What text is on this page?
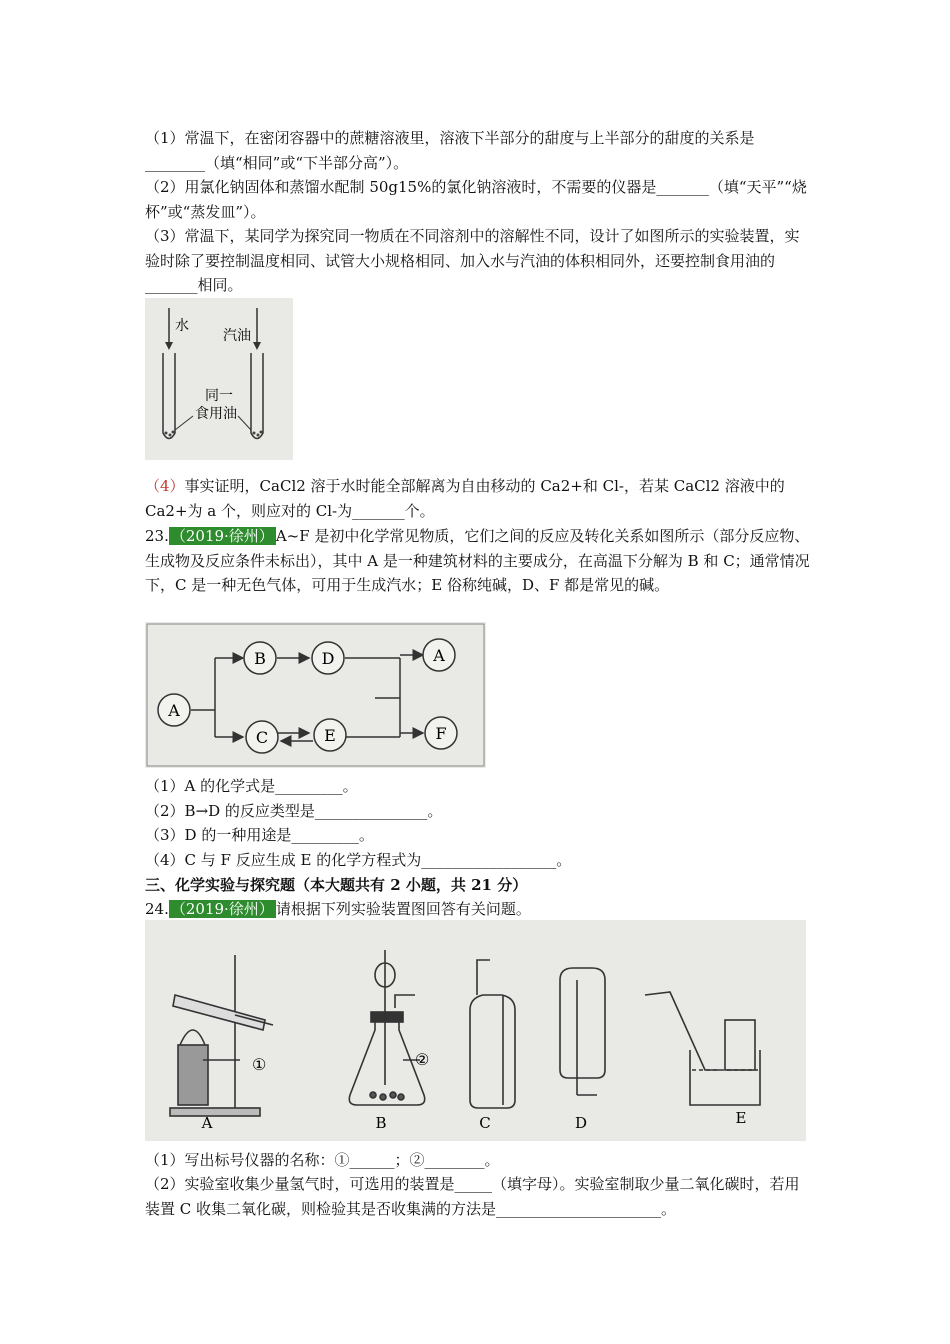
（1）常温下，在密闭容器中的蔗糖溶液里，溶液下半部分的甜度与上半部分的甜度的关系是________（填“相同”或“下半部分高”）。

（2）用氯化钠固体和蒸馏水配制 50g15%的氯化钠溶液时，不需要的仪器是_______（填“天平”“烧杯”或“蒸发皿”）。

（3）常温下，某同学为探究同一物质在不同溶剂中的溶解性不同，设计了如图所示的实验装置，实验时除了要控制温度相同、试管大小规格相同、加入水与汽油的体积相同外，还要控制食用油的_______相同。

水
汽油
同一
食用油

（4）事实证明，CaCl2 溶于水时能全部解离为自由移动的 Ca2+和 Cl-，若某 CaCl2 溶液中的 Ca2+为 a 个，则应对的 Cl-为_______个。

23. （2019·徐州） A~F 是初中化学常见物质，它们之间的反应及转化关系如图所示（部分反应物、生成物及反应条件未标出），其中 A 是一种建筑材料的主要成分，在高温下分解为 B 和 C；通常情况下，C 是一种无色气体，可用于生成汽水；E 俗称纯碱，D、F 都是常见的碱。

A
B
C
D
E
A
F

（1）A 的化学式是_________。

（2）B→D 的反应类型是_______________。

（3）D 的一种用途是_________。

（4）C 与 F 反应生成 E 的化学方程式为__________________。

三、化学实验与探究题（本大题共有 2 小题，共 21 分）

24. （2019·徐州） 请根据下列实验装置图回答有关问题。

①	②
A	B	C	D	E

（1）写出标号仪器的名称：①______；②________。

（2）实验室收集少量氢气时，可选用的装置是_____（填字母）。实验室制取少量二氧化碳时，若用装置 C 收集二氧化碳，则检验其是否收集满的方法是______________________。
